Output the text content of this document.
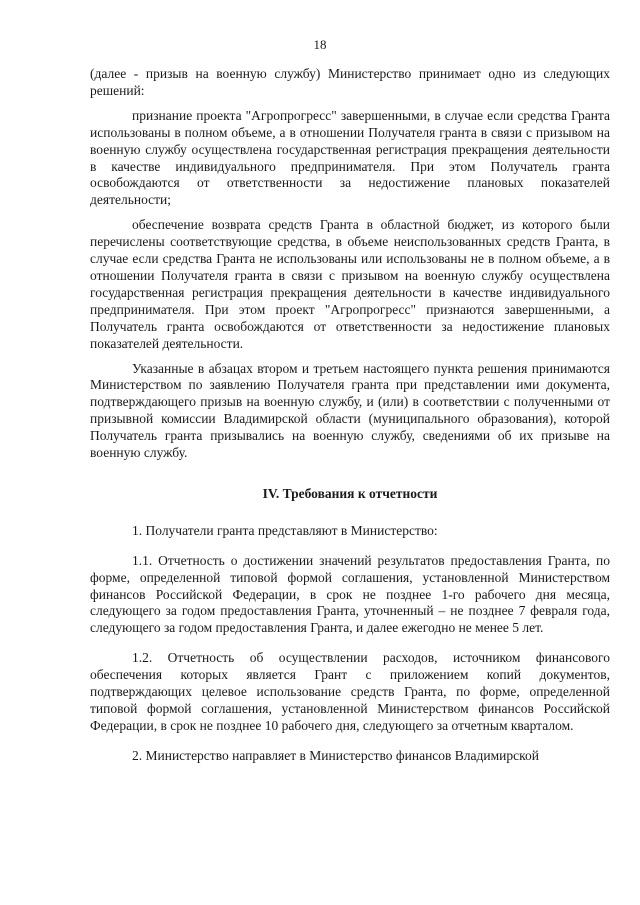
18

(далее - призыв на военную службу) Министерство принимает одно из следующих решений:

признание проекта "Агропрогресс" завершенными, в случае если средства Гранта использованы в полном объеме, а в отношении Получателя гранта в связи с призывом на военную службу осуществлена государственная регистрация прекращения деятельности в качестве индивидуального предпринимателя. При этом Получатель гранта освобождаются от ответственности за недостижение плановых показателей деятельности;

обеспечение возврата средств Гранта в областной бюджет, из которого были перечислены соответствующие средства, в объеме неиспользованных средств Гранта, в случае если средства Гранта не использованы или использованы не в полном объеме, а в отношении Получателя гранта в связи с призывом на военную службу осуществлена государственная регистрация прекращения деятельности в качестве индивидуального предпринимателя. При этом проект "Агропрогресс" признаются завершенными, а Получатель гранта освобождаются от ответственности за недостижение плановых показателей деятельности.

Указанные в абзацах втором и третьем настоящего пункта решения принимаются Министерством по заявлению Получателя гранта при представлении ими документа, подтверждающего призыв на военную службу, и (или) в соответствии с полученными от призывной комиссии Владимирской области (муниципального образования), которой Получатель гранта призывались на военную службу, сведениями об их призыве на военную службу.

IV. Требования к отчетности

1. Получатели гранта представляют в Министерство:

1.1. Отчетность о достижении значений результатов предоставления Гранта, по форме, определенной типовой формой соглашения, установленной Министерством финансов Российской Федерации, в срок не позднее 1-го рабочего дня месяца, следующего за годом предоставления Гранта, уточненный – не позднее 7 февраля года, следующего за годом предоставления Гранта, и далее ежегодно не менее 5 лет.

1.2. Отчетность об осуществлении расходов, источником финансового обеспечения которых является Грант с приложением копий документов, подтверждающих целевое использование средств Гранта, по форме, определенной типовой формой соглашения, установленной Министерством финансов Российской Федерации, в срок не позднее 10 рабочего дня, следующего за отчетным кварталом.

2. Министерство направляет в Министерство финансов Владимирской
